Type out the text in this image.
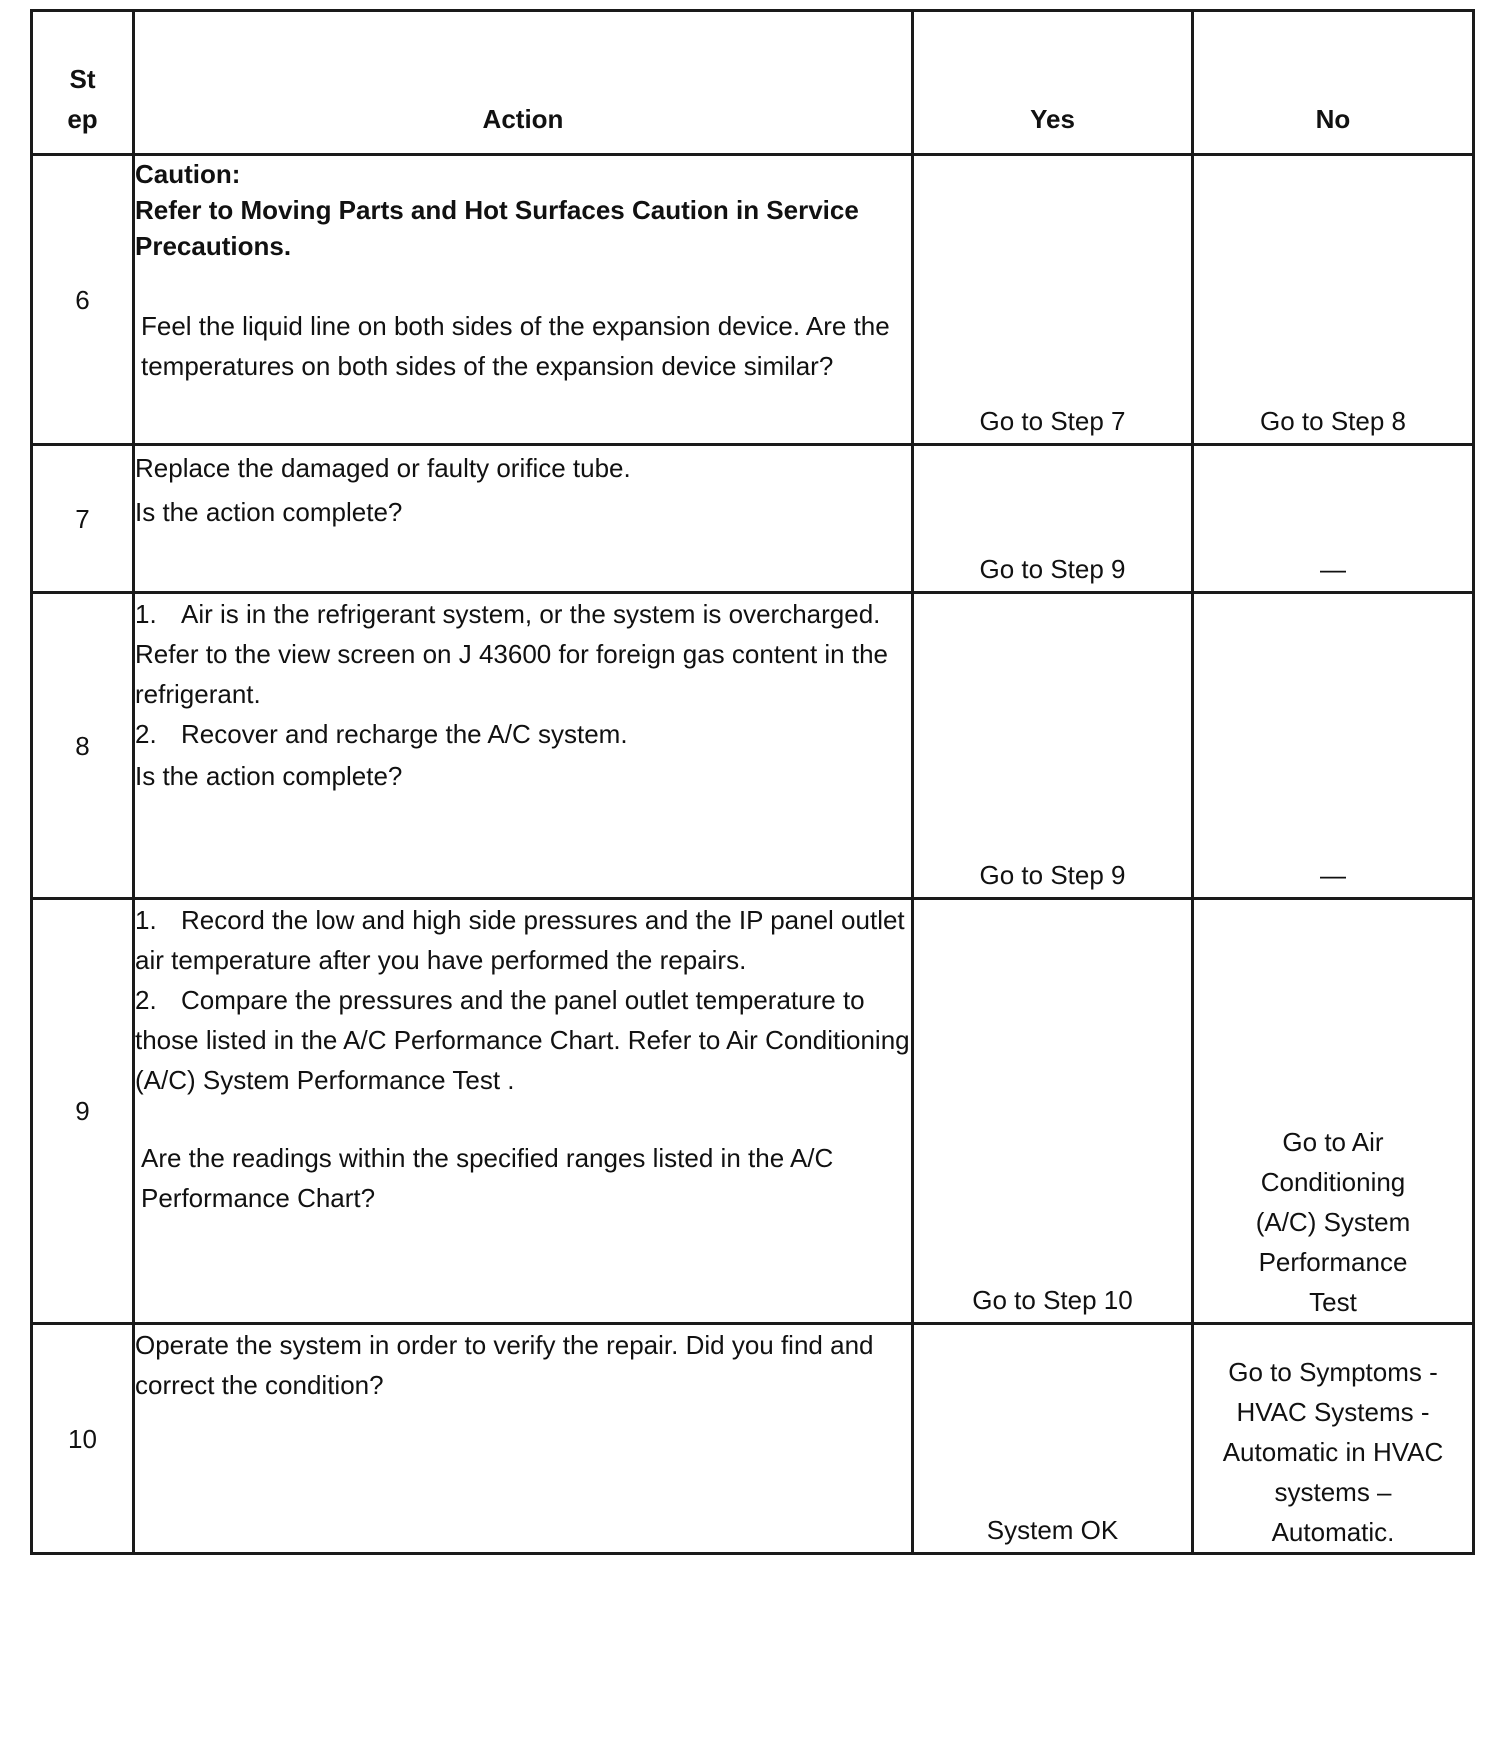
St ep	Action	Yes	No
6	Caution:
Refer to Moving Parts and Hot Surfaces Caution in Service Precautions.
Feel the liquid line on both sides of the expansion device. Are the temperatures on both sides of the expansion device similar?	Go to Step 7	Go to Step 8
7	Replace the damaged or faulty orifice tube.
Is the action complete?	Go to Step 9	—
8	1. Air is in the refrigerant system, or the system is overcharged. Refer to the view screen on J 43600 for foreign gas content in the refrigerant.
2. Recover and recharge the A/C system.
Is the action complete?	Go to Step 9	—
9	1. Record the low and high side pressures and the IP panel outlet air temperature after you have performed the repairs.
2. Compare the pressures and the panel outlet temperature to those listed in the A/C Performance Chart. Refer to Air Conditioning (A/C) System Performance Test .
Are the readings within the specified ranges listed in the A/C Performance Chart?	Go to Step 10	Go to Air Conditioning (A/C) System Performance Test

10	Operate the system in order to verify the repair. Did you find and correct the condition?	System OK	Go to Symptoms - HVAC Systems - Automatic in HVAC systems – Automatic.
